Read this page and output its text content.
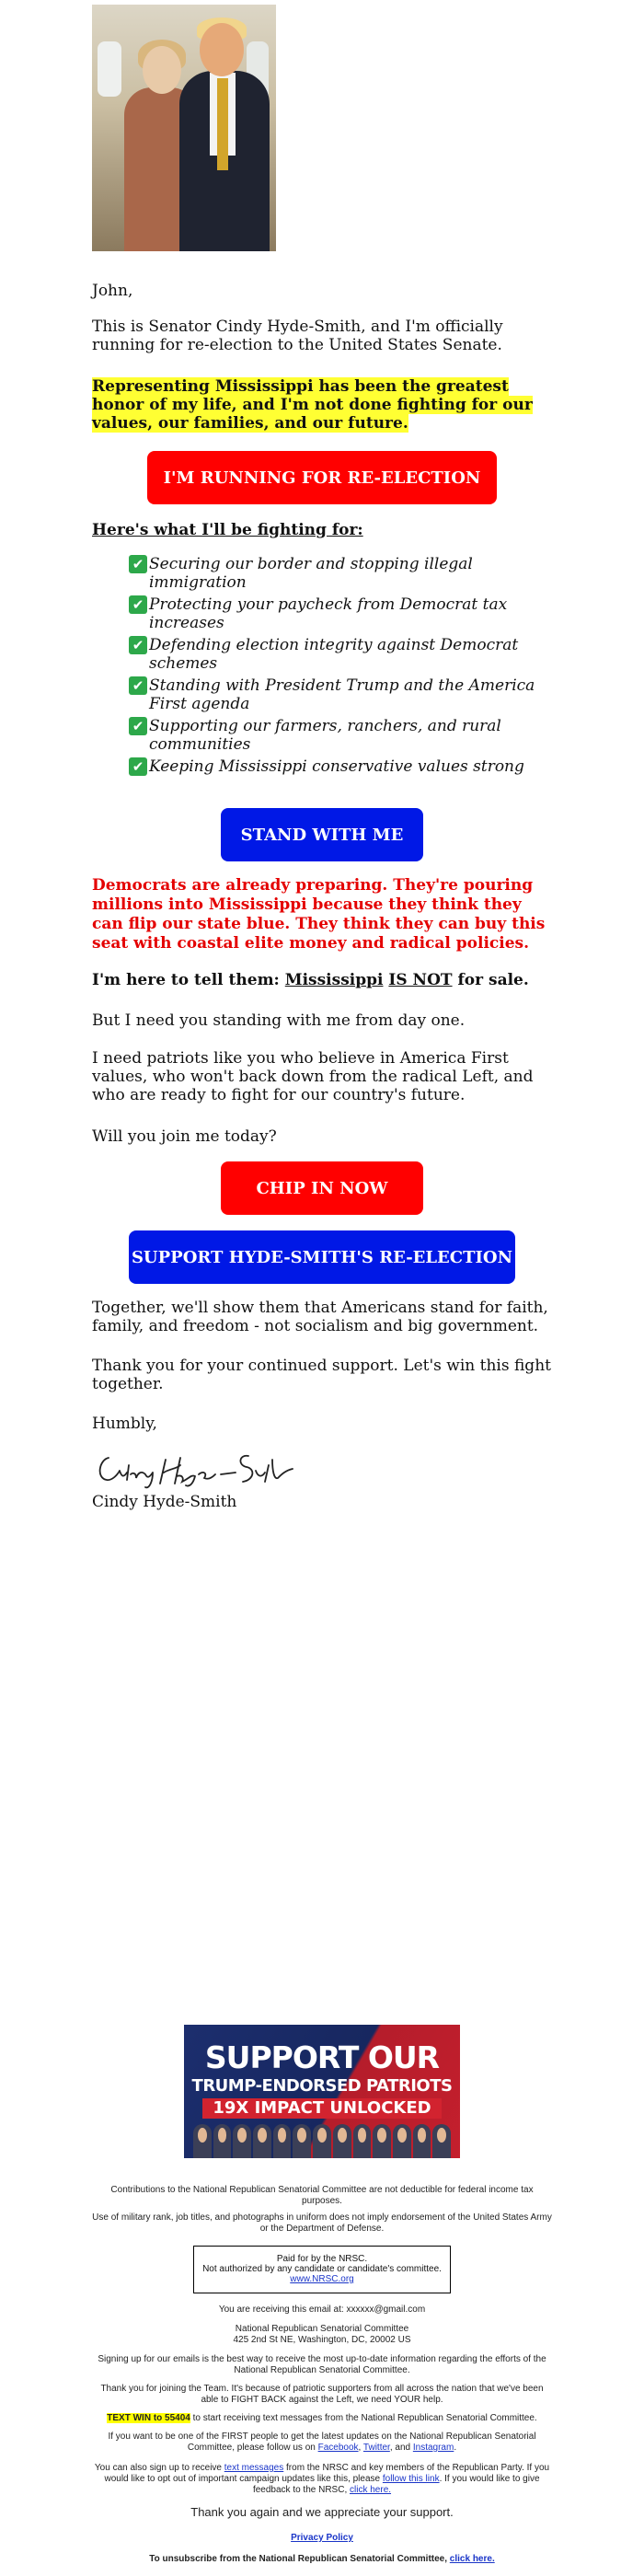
John,
This is Senator Cindy Hyde-Smith, and I'm officially running for re-election to the United States Senate.
Representing Mississippi has been the greatest honor of my life, and I'm not done fighting for our values, our families, and our future.
I'M RUNNING FOR RE-ELECTION
Here's what I'll be fighting for:
✔ Securing our border and stopping illegal immigration
✔ Protecting your paycheck from Democrat tax increases
✔ Defending election integrity against Democrat schemes
✔ Standing with President Trump and the America First agenda
✔ Supporting our farmers, ranchers, and rural communities
✔ Keeping Mississippi conservative values strong
STAND WITH ME
Democrats are already preparing. They're pouring millions into Mississippi because they think they can flip our state blue. They think they can buy this seat with coastal elite money and radical policies.
I'm here to tell them: Mississippi IS NOT for sale.
But I need you standing with me from day one.
I need patriots like you who believe in America First values, who won't back down from the radical Left, and who are ready to fight for our country's future.
Will you join me today?
CHIP IN NOW
SUPPORT HYDE-SMITH'S RE-ELECTION
Together, we'll show them that Americans stand for faith, family, and freedom - not socialism and big government.
Thank you for your continued support. Let's win this fight together.
Humbly,
Cindy Hyde-Smith
SUPPORT OUR
TRUMP-ENDORSED PATRIOTS
19X IMPACT UNLOCKED
Contributions to the National Republican Senatorial Committee are not deductible for federal income tax purposes.
Use of military rank, job titles, and photographs in uniform does not imply endorsement of the United States Army or the Department of Defense.
Paid for by the NRSC.
Not authorized by any candidate or candidate's committee.
www.NRSC.org
You are receiving this email at: xxxxxx@gmail.com
National Republican Senatorial Committee
425 2nd St NE, Washington, DC, 20002 US
Signing up for our emails is the best way to receive the most up-to-date information regarding the efforts of the National Republican Senatorial Committee.
Thank you for joining the Team. It's because of patriotic supporters from all across the nation that we've been able to FIGHT BACK against the Left, we need YOUR help.
TEXT WIN to 55404 to start receiving text messages from the National Republican Senatorial Committee.
If you want to be one of the FIRST people to get the latest updates on the National Republican Senatorial Committee, please follow us on Facebook, Twitter, and Instagram.
You can also sign up to receive text messages from the NRSC and key members of the Republican Party. If you would like to opt out of important campaign updates like this, please follow this link. If you would like to give feedback to the NRSC, click here.
Thank you again and we appreciate your support.
Privacy Policy
To unsubscribe from the National Republican Senatorial Committee, click here.
